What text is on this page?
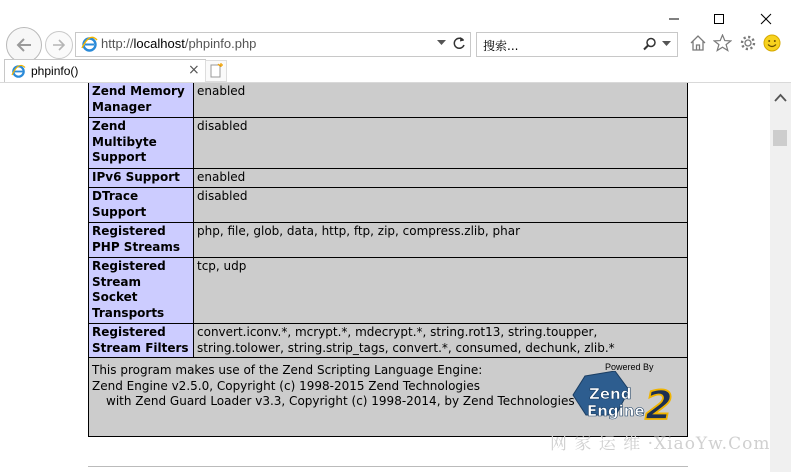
http://localhost/phpinfo.php	搜索...
phpinfo()	×
Zend Memory Manager	enabled
Zend Multibyte Support	disabled
IPv6 Support	enabled
DTrace Support	disabled
Registered PHP Streams	php, file, glob, data, http, ftp, zip, compress.zlib, phar
Registered Stream Socket Transports	tcp, udp
Registered Stream Filters	convert.iconv.*, mcrypt.*, mdecrypt.*, string.rot13, string.toupper, string.tolower, string.strip_tags, convert.*, consumed, dechunk, zlib.*
This program makes use of the Zend Scripting Language Engine:
Zend Engine v2.5.0, Copyright (c) 1998-2015 Zend Technologies
with Zend Guard Loader v3.3, Copyright (c) 1998-2014, by Zend Technologies
Powered By
Zend
Engine 2
网 家 运 维 ·XiaoYw.Com
